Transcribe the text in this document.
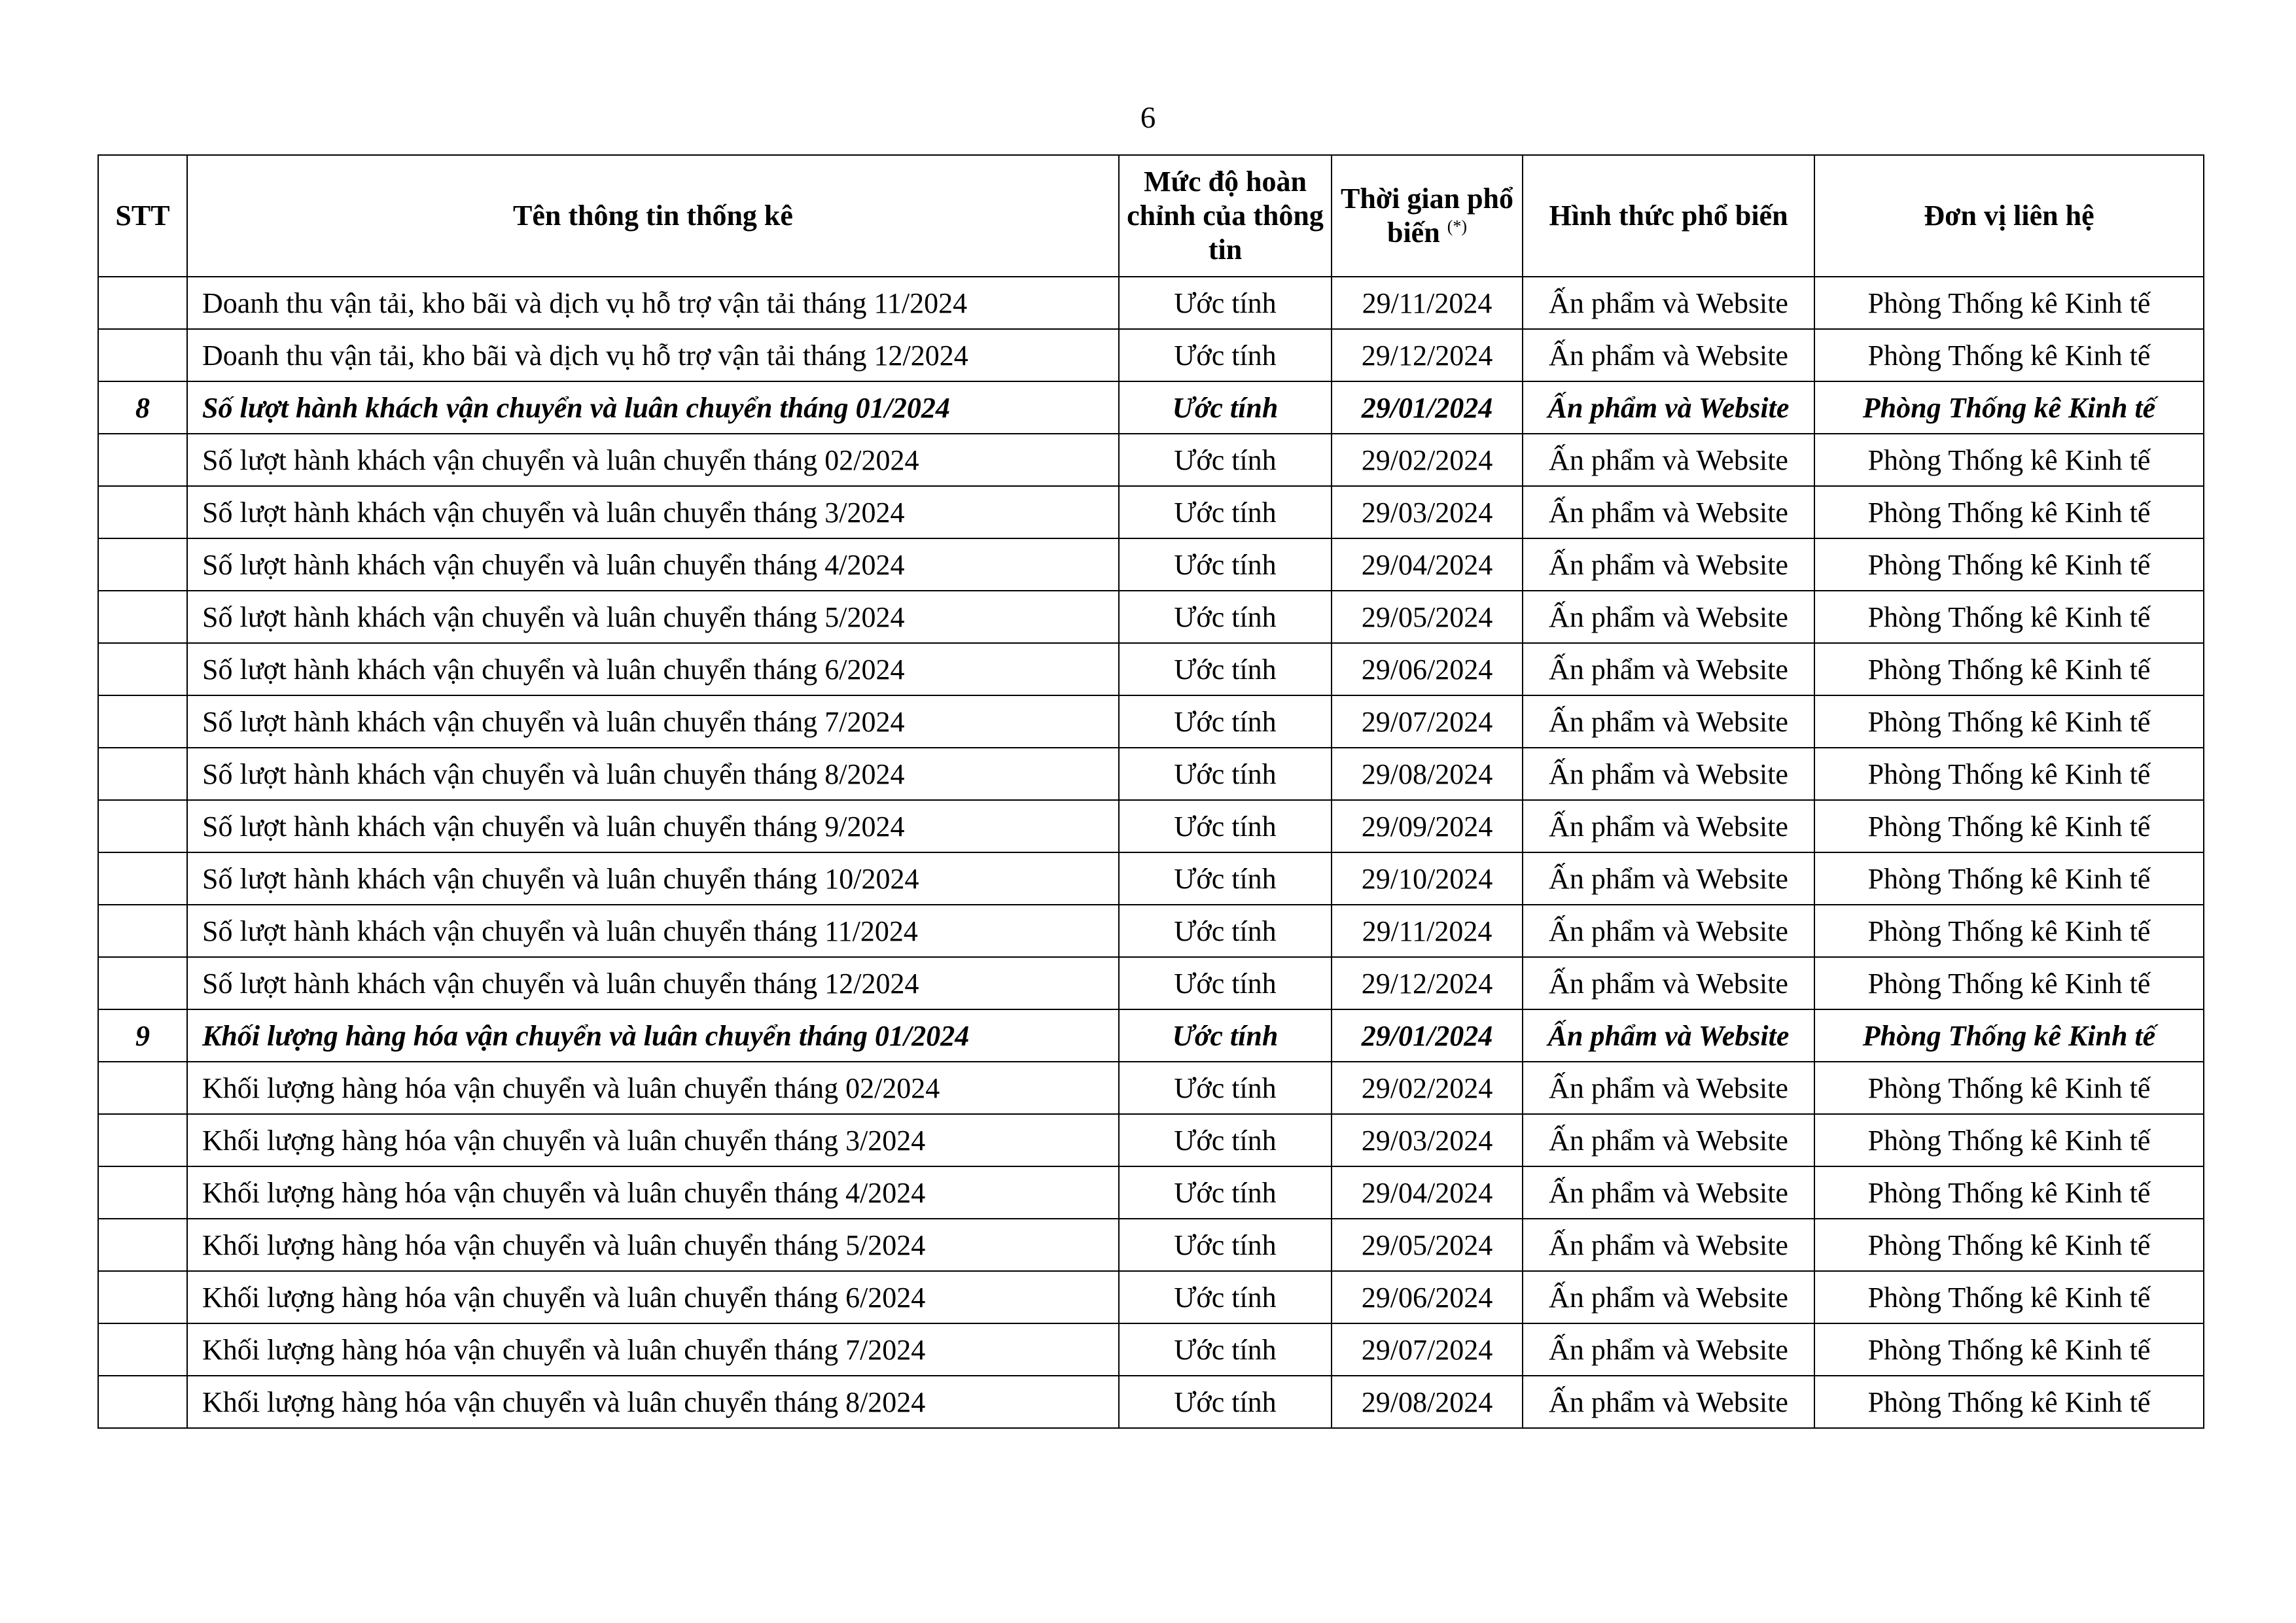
6
STT	Tên thông tin thống kê	Mức độ hoàn chỉnh của thông tin	Thời gian phổ biến (*)	Hình thức phổ biến	Đơn vị liên hệ
	Doanh thu vận tải, kho bãi và dịch vụ hỗ trợ vận tải tháng 11/2024	Ước tính	29/11/2024	Ấn phẩm và Website	Phòng Thống kê Kinh tế
	Doanh thu vận tải, kho bãi và dịch vụ hỗ trợ vận tải tháng 12/2024	Ước tính	29/12/2024	Ấn phẩm và Website	Phòng Thống kê Kinh tế
8	Số lượt hành khách vận chuyển và luân chuyển tháng 01/2024	Ước tính	29/01/2024	Ấn phẩm và Website	Phòng Thống kê Kinh tế
	Số lượt hành khách vận chuyển và luân chuyển tháng 02/2024	Ước tính	29/02/2024	Ấn phẩm và Website	Phòng Thống kê Kinh tế
	Số lượt hành khách vận chuyển và luân chuyển tháng 3/2024	Ước tính	29/03/2024	Ấn phẩm và Website	Phòng Thống kê Kinh tế
	Số lượt hành khách vận chuyển và luân chuyển tháng 4/2024	Ước tính	29/04/2024	Ấn phẩm và Website	Phòng Thống kê Kinh tế
	Số lượt hành khách vận chuyển và luân chuyển tháng 5/2024	Ước tính	29/05/2024	Ấn phẩm và Website	Phòng Thống kê Kinh tế
	Số lượt hành khách vận chuyển và luân chuyển tháng 6/2024	Ước tính	29/06/2024	Ấn phẩm và Website	Phòng Thống kê Kinh tế
	Số lượt hành khách vận chuyển và luân chuyển tháng 7/2024	Ước tính	29/07/2024	Ấn phẩm và Website	Phòng Thống kê Kinh tế
	Số lượt hành khách vận chuyển và luân chuyển tháng 8/2024	Ước tính	29/08/2024	Ấn phẩm và Website	Phòng Thống kê Kinh tế
	Số lượt hành khách vận chuyển và luân chuyển tháng 9/2024	Ước tính	29/09/2024	Ấn phẩm và Website	Phòng Thống kê Kinh tế
	Số lượt hành khách vận chuyển và luân chuyển tháng 10/2024	Ước tính	29/10/2024	Ấn phẩm và Website	Phòng Thống kê Kinh tế
	Số lượt hành khách vận chuyển và luân chuyển tháng 11/2024	Ước tính	29/11/2024	Ấn phẩm và Website	Phòng Thống kê Kinh tế
	Số lượt hành khách vận chuyển và luân chuyển tháng 12/2024	Ước tính	29/12/2024	Ấn phẩm và Website	Phòng Thống kê Kinh tế
9	Khối lượng hàng hóa vận chuyển và luân chuyển tháng 01/2024	Ước tính	29/01/2024	Ấn phẩm và Website	Phòng Thống kê Kinh tế
	Khối lượng hàng hóa vận chuyển và luân chuyển tháng 02/2024	Ước tính	29/02/2024	Ấn phẩm và Website	Phòng Thống kê Kinh tế
	Khối lượng hàng hóa vận chuyển và luân chuyển tháng 3/2024	Ước tính	29/03/2024	Ấn phẩm và Website	Phòng Thống kê Kinh tế
	Khối lượng hàng hóa vận chuyển và luân chuyển tháng 4/2024	Ước tính	29/04/2024	Ấn phẩm và Website	Phòng Thống kê Kinh tế
	Khối lượng hàng hóa vận chuyển và luân chuyển tháng 5/2024	Ước tính	29/05/2024	Ấn phẩm và Website	Phòng Thống kê Kinh tế
	Khối lượng hàng hóa vận chuyển và luân chuyển tháng 6/2024	Ước tính	29/06/2024	Ấn phẩm và Website	Phòng Thống kê Kinh tế
	Khối lượng hàng hóa vận chuyển và luân chuyển tháng 7/2024	Ước tính	29/07/2024	Ấn phẩm và Website	Phòng Thống kê Kinh tế
	Khối lượng hàng hóa vận chuyển và luân chuyển tháng 8/2024	Ước tính	29/08/2024	Ấn phẩm và Website	Phòng Thống kê Kinh tế
